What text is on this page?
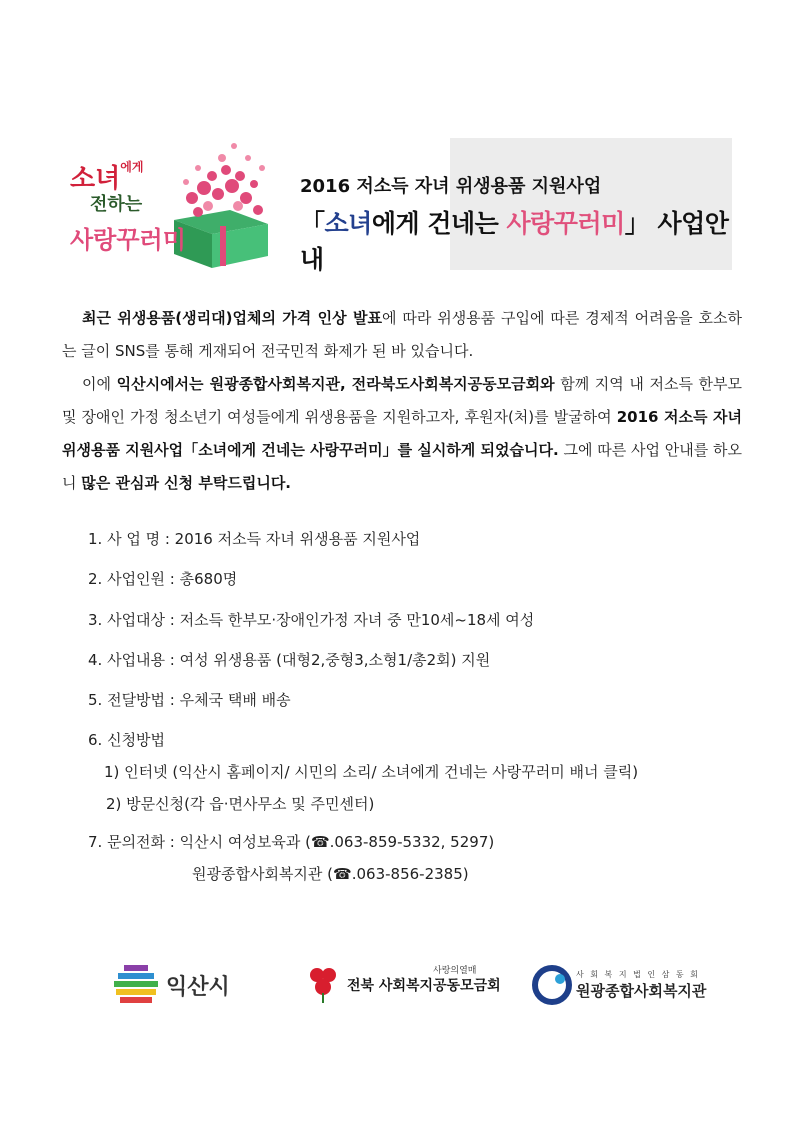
소녀$^{에게}$
전하는
사랑꾸러미
2016 저소득 자녀 위생용품 지원사업
「소녀에게 건네는 사랑꾸러미」 사업안내

최근 위생용품(생리대)업체의 가격 인상 발표에 따라 위생용품 구입에 따른 경제적 어려움을 호소하는 글이 SNS를 통해 게재되어 전국민적 화제가 된 바 있습니다.

이에 익산시에서는 원광종합사회복지관, 전라북도사회복지공동모금회와 함께 지역 내 저소득 한부모 및 장애인 가정 청소년기 여성들에게 위생용품을 지원하고자, 후원자(처)를 발굴하여 2016 저소득 자녀 위생용품 지원사업「소녀에게 건네는 사랑꾸러미」를 실시하게 되었습니다. 그에 따른 사업 안내를 하오니 많은 관심과 신청 부탁드립니다.

1. 사 업 명 : 2016 저소득 자녀 위생용품 지원사업
2. 사업인원 : 총680명
3. 사업대상 : 저소득 한부모·장애인가정 자녀 중 만10세~18세 여성
4. 사업내용 : 여성 위생용품 (대형2,중형3,소형1/총2회) 지원
5. 전달방법 : 우체국 택배 배송
6. 신청방법
1) 인터넷 (익산시 홈페이지/ 시민의 소리/ 소녀에게 건네는 사랑꾸러미 배너 클릭)
2) 방문신청(각 읍·면사무소 및 주민센터)
7. 문의전화 : 익산시 여성보육과 (☎.063-859-5332, 5297)
원광종합사회복지관 (☎.063-856-2385)
익산시
사랑의열매
전북 사회복지공동모금회
사 회 복 지 법 인 삼 동 회
원광종합사회복지관
